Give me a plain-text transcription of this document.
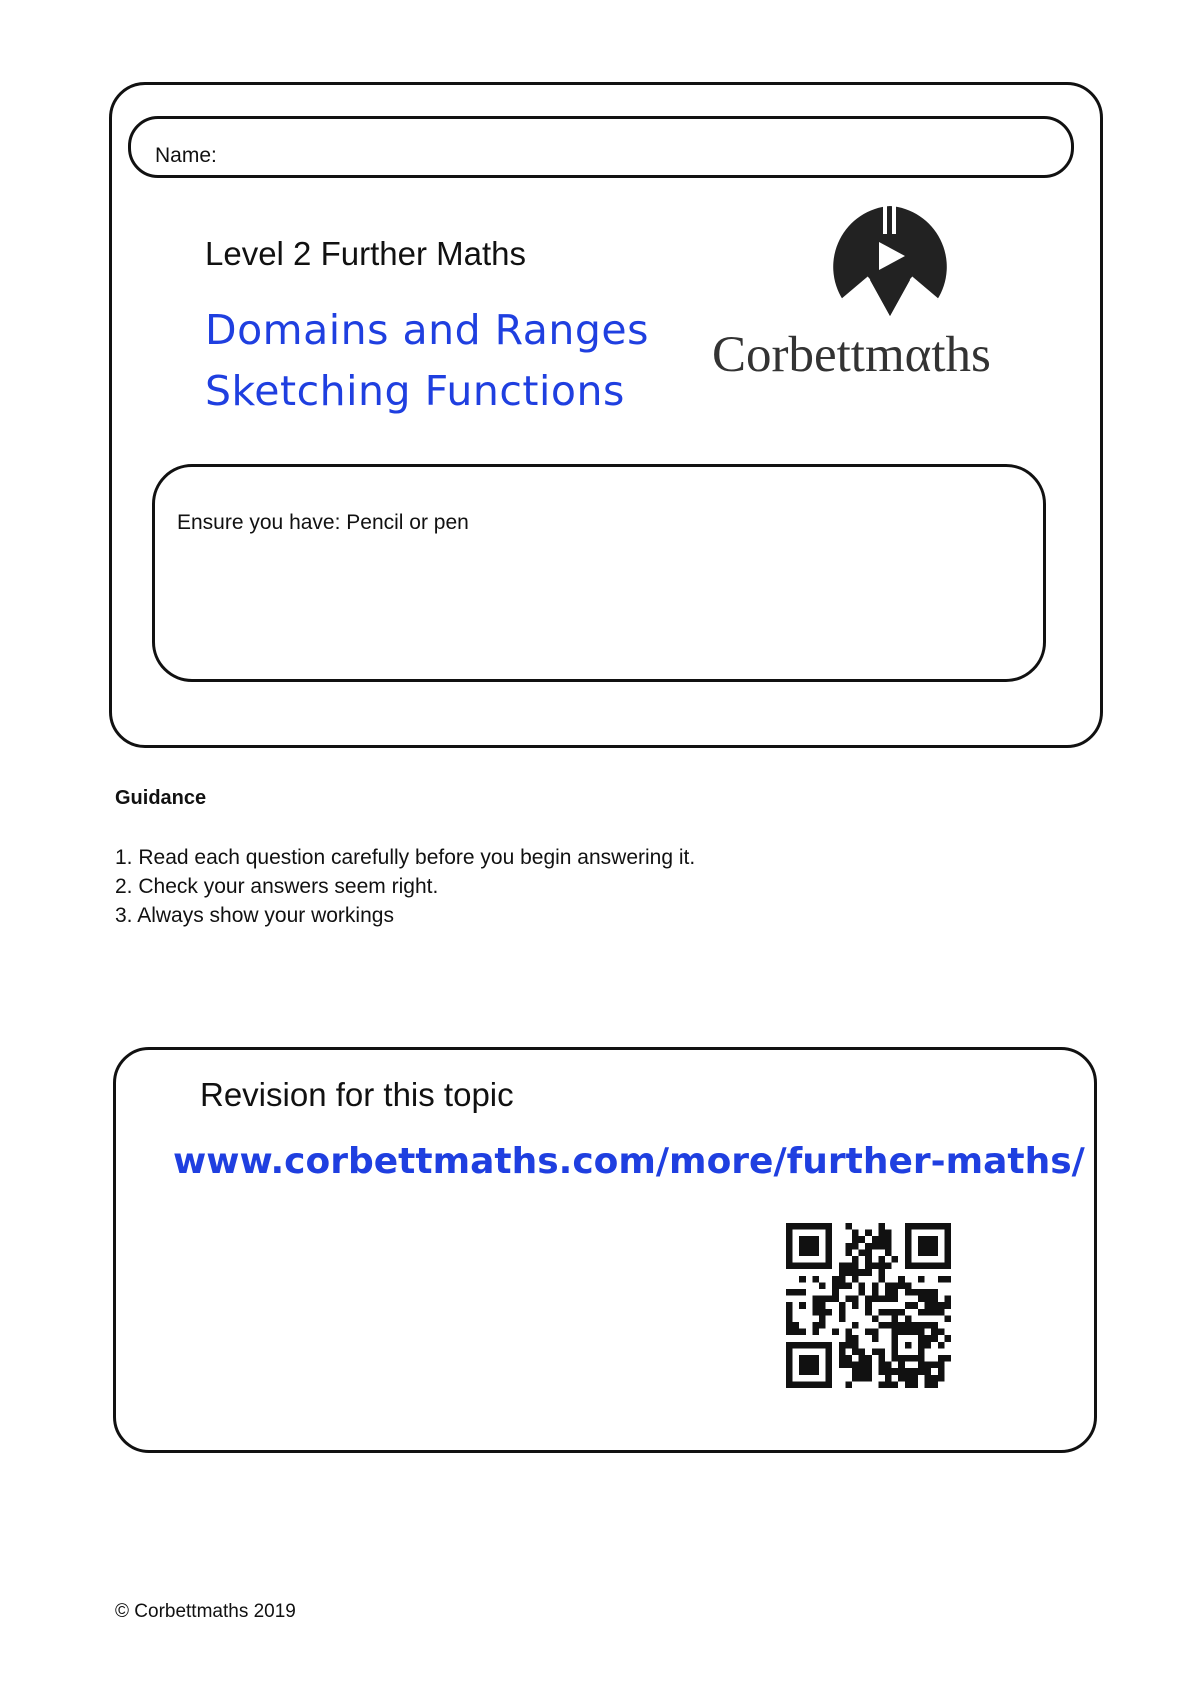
Name:
Level 2 Further Maths
Domains and Ranges
Sketching Functions
Corbettmαths
Ensure you have: Pencil or pen
Guidance
1. Read each question carefully before you begin answering it.
2. Check your answers seem right.
3. Always show your workings
Revision for this topic
www.corbettmaths.com/more/further-maths/
© Corbettmaths 2019
